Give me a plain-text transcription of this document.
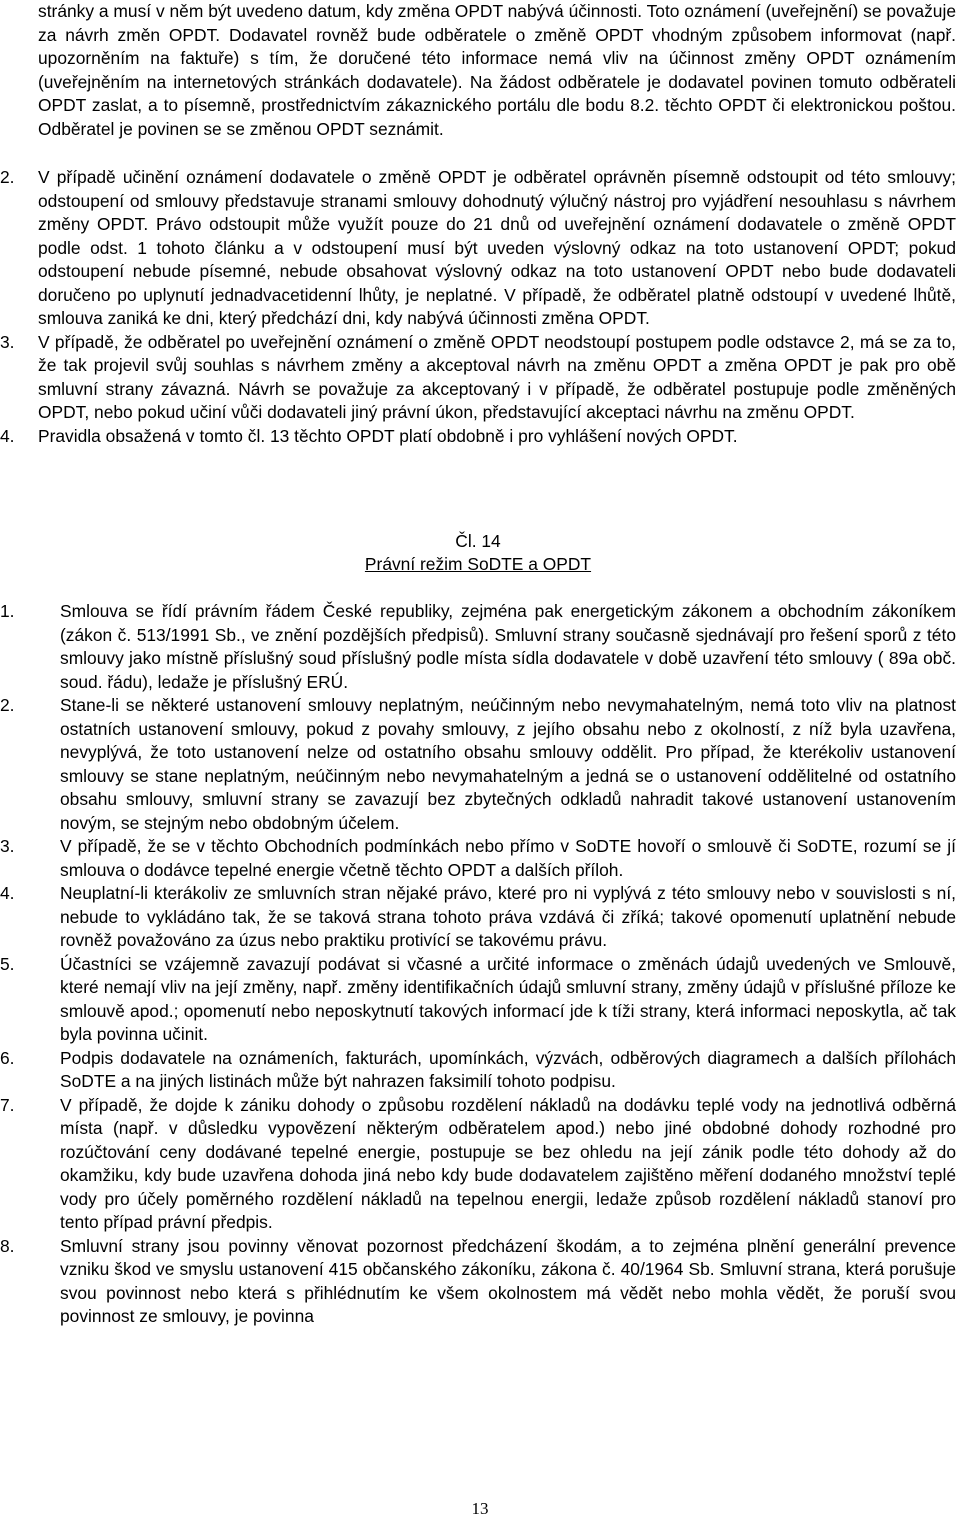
stránky a musí v něm být uvedeno datum, kdy změna OPDT nabývá účinnosti. Toto oznámení (uveřejnění) se považuje za návrh změn OPDT. Dodavatel rovněž bude odběratele o změně OPDT vhodným způsobem informovat (např. upozorněním na faktuře) s tím, že doručené této informace nemá vliv na účinnost změny OPDT oznámením (uveřejněním na internetových stránkách dodavatele). Na žádost odběratele je dodavatel povinen tomuto odběrateli OPDT zaslat, a to písemně, prostřednictvím zákaznického portálu dle bodu 8.2. těchto OPDT či elektronickou poštou. Odběratel je povinen se se změnou OPDT seznámit.
2. V případě učinění oznámení dodavatele o změně OPDT je odběratel oprávněn písemně odstoupit od této smlouvy; odstoupení od smlouvy představuje stranami smlouvy dohodnutý výlučný nástroj pro vyjádření nesouhlasu s návrhem změny OPDT. Právo odstoupit může využít pouze do 21 dnů od uveřejnění oznámení dodavatele o změně OPDT podle odst. 1 tohoto článku a v odstoupení musí být uveden výslovný odkaz na toto ustanovení OPDT; pokud odstoupení nebude písemné, nebude obsahovat výslovný odkaz na toto ustanovení OPDT nebo bude dodavateli doručeno po uplynutí jednadvacetidenní lhůty, je neplatné. V případě, že odběratel platně odstoupí v uvedené lhůtě, smlouva zaniká ke dni, který předchází dni, kdy nabývá účinnosti změna OPDT.
3. V případě, že odběratel po uveřejnění oznámení o změně OPDT neodstoupí postupem podle odstavce 2, má se za to, že tak projevil svůj souhlas s návrhem změny a akceptoval návrh na změnu OPDT a změna OPDT je pak pro obě smluvní strany závazná. Návrh se považuje za akceptovaný i v případě, že odběratel postupuje podle změněných OPDT, nebo pokud učiní vůči dodavateli jiný právní úkon, představující akceptaci návrhu na změnu OPDT.
4. Pravidla obsažená v tomto čl. 13 těchto OPDT platí obdobně i pro vyhlášení nových OPDT.
Čl. 14
Právní režim SoDTE a OPDT
1.	Smlouva se řídí právním řádem České republiky, zejména pak energetickým zákonem a obchodním zákoníkem (zákon č. 513/1991 Sb., ve znění pozdějších předpisů). Smluvní strany současně sjednávají pro řešení sporů z této smlouvy jako místně příslušný soud příslušný podle místa sídla dodavatele v době uzavření této smlouvy ( 89a obč. soud. řádu), ledaže je příslušný ERÚ.
2.	Stane-li se některé ustanovení smlouvy neplatným, neúčinným nebo nevymahatelným, nemá toto vliv na platnost ostatních ustanovení smlouvy, pokud z povahy smlouvy, z jejího obsahu nebo z okolností, z níž byla uzavřena, nevyplývá, že toto ustanovení nelze od ostatního obsahu smlouvy oddělit. Pro případ, že kterékoliv ustanovení smlouvy se stane neplatným, neúčinným nebo nevymahatelným a jedná se o ustanovení oddělitelné od ostatního obsahu smlouvy, smluvní strany se zavazují bez zbytečných odkladů nahradit takové ustanovení ustanovením novým, se stejným nebo obdobným účelem.
3.	V případě, že se v těchto Obchodních podmínkách nebo přímo v SoDTE hovoří o smlouvě či SoDTE, rozumí se jí smlouva o dodávce tepelné energie včetně těchto OPDT a dalších příloh.
4.	Neuplatní-li kterákoliv ze smluvních stran nějaké právo, které pro ni vyplývá z této smlouvy nebo v souvislosti s ní, nebude to vykládáno tak, že se taková strana tohoto práva vzdává či zříká; takové opomenutí uplatnění nebude rovněž považováno za úzus nebo praktiku protivící se takovému právu.
5.	Účastníci se vzájemně zavazují podávat si včasné a určité informace o změnách údajů uvedených ve Smlouvě, které nemají vliv na její změny, např. změny identifikačních údajů smluvní strany, změny údajů v příslušné příloze ke smlouvě apod.; opomenutí nebo neposkytnutí takových informací jde k tíži strany, která informaci neposkytla, ač tak byla povinna učinit.
6.	Podpis dodavatele na oznámeních, fakturách, upomínkách, výzvách, odběrových diagramech a dalších přílohách SoDTE a na jiných listinách může být nahrazen faksimilí tohoto podpisu.
7.	V případě, že dojde k zániku dohody o způsobu rozdělení nákladů na dodávku teplé vody na jednotlivá odběrná místa (např. v důsledku vypovězení některým odběratelem apod.) nebo jiné obdobné dohody rozhodné pro rozúčtování ceny dodávané tepelné energie, postupuje se bez ohledu na její zánik podle této dohody až do okamžiku, kdy bude uzavřena dohoda jiná nebo kdy bude dodavatelem zajištěno měření dodaného množství teplé vody pro účely poměrného rozdělení nákladů na tepelnou energii, ledaže způsob rozdělení nákladů stanoví pro tento případ právní předpis.
8.	Smluvní strany jsou povinny věnovat pozornost předcházení škodám, a to zejména plnění generální prevence vzniku škod ve smyslu ustanovení 415 občanského zákoníku, zákona č. 40/1964 Sb. Smluvní strana, která porušuje svou povinnost nebo která s přihlédnutím ke všem okolnostem má vědět nebo mohla vědět, že poruší svou povinnost ze smlouvy, je povinna
13
